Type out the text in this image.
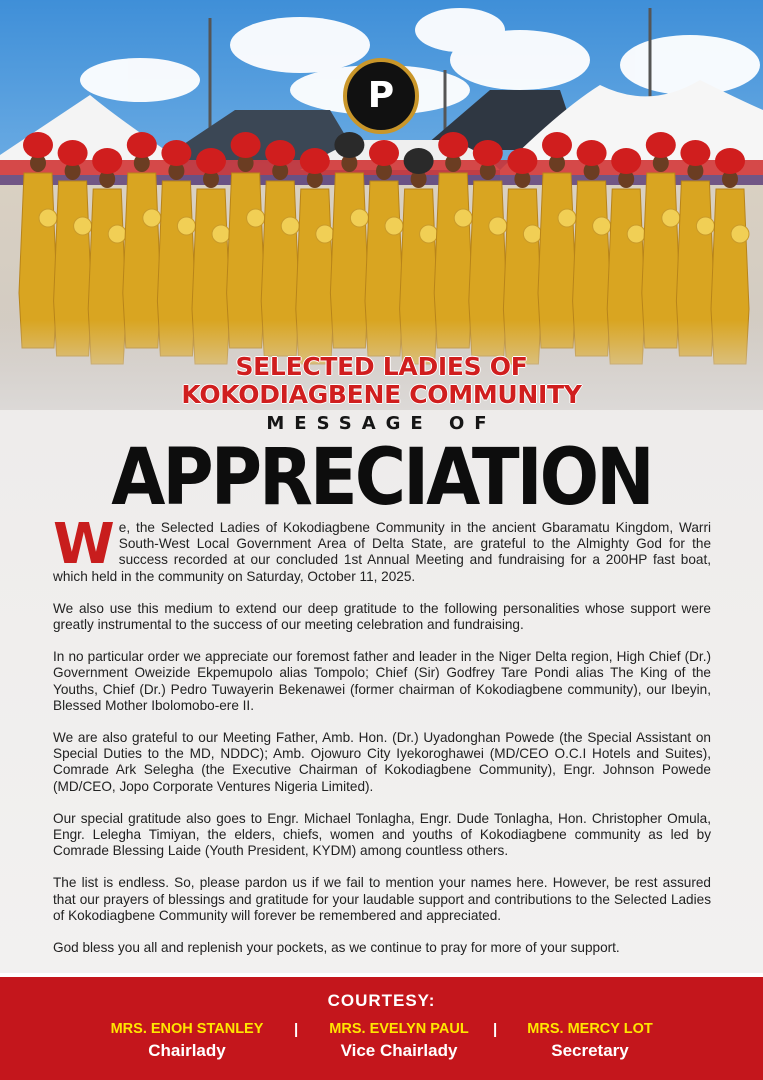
P
SELECTED LADIES OF
KOKODIAGBENE COMMUNITY
MESSAGE OF
APPRECIATION

We, the Selected Ladies of Kokodiagbene Community in the ancient Gbaramatu Kingdom, Warri South-West Local Government Area of Delta State, are grateful to the Almighty God for the success recorded at our concluded 1st Annual Meeting and fundraising for a 200HP fast boat, which held in the community on Saturday, October 11, 2025.

We also use this medium to extend our deep gratitude to the following personalities whose support were greatly instrumental to the success of our meeting celebration and fundraising.

In no particular order we appreciate our foremost father and leader in the Niger Delta region, High Chief (Dr.) Government Oweizide Ekpemupolo alias Tompolo; Chief (Sir) Godfrey Tare Pondi alias The King of the Youths, Chief (Dr.) Pedro Tuwayerin Bekenawei (former chairman of Kokodiagbene community), our Ibeyin, Blessed Mother Ibolomobo-ere II.

We are also grateful to our Meeting Father, Amb. Hon. (Dr.) Uyadonghan Powede (the Special Assistant on Special Duties to the MD, NDDC); Amb. Ojowuro City Iyekoroghawei (MD/CEO O.C.I Hotels and Suites), Comrade Ark Selegha (the Executive Chairman of Kokodiagbene Community), Engr. Johnson Powede (MD/CEO, Jopo Corporate Ventures Nigeria Limited).

Our special gratitude also goes to Engr. Michael Tonlagha, Engr. Dude Tonlagha, Hon. Christopher Omula, Engr. Lelegha Timiyan, the elders, chiefs, women and youths of Kokodiagbene community as led by Comrade Blessing Laide (Youth President, KYDM) among countless others.

The list is endless. So, please pardon us if we fail to mention your names here. However, be rest assured that our prayers of blessings and gratitude for your laudable support and contributions to the Selected Ladies of Kokodiagbene Community will forever be remembered and appreciated.

God bless you all and replenish your pockets, as we continue to pray for more of your support.

COURTESY:
MRS. ENOH STANLEY
Chairlady
|	MRS. EVELYN PAUL
Vice Chairlady
|	MRS. MERCY LOT
Secretary
